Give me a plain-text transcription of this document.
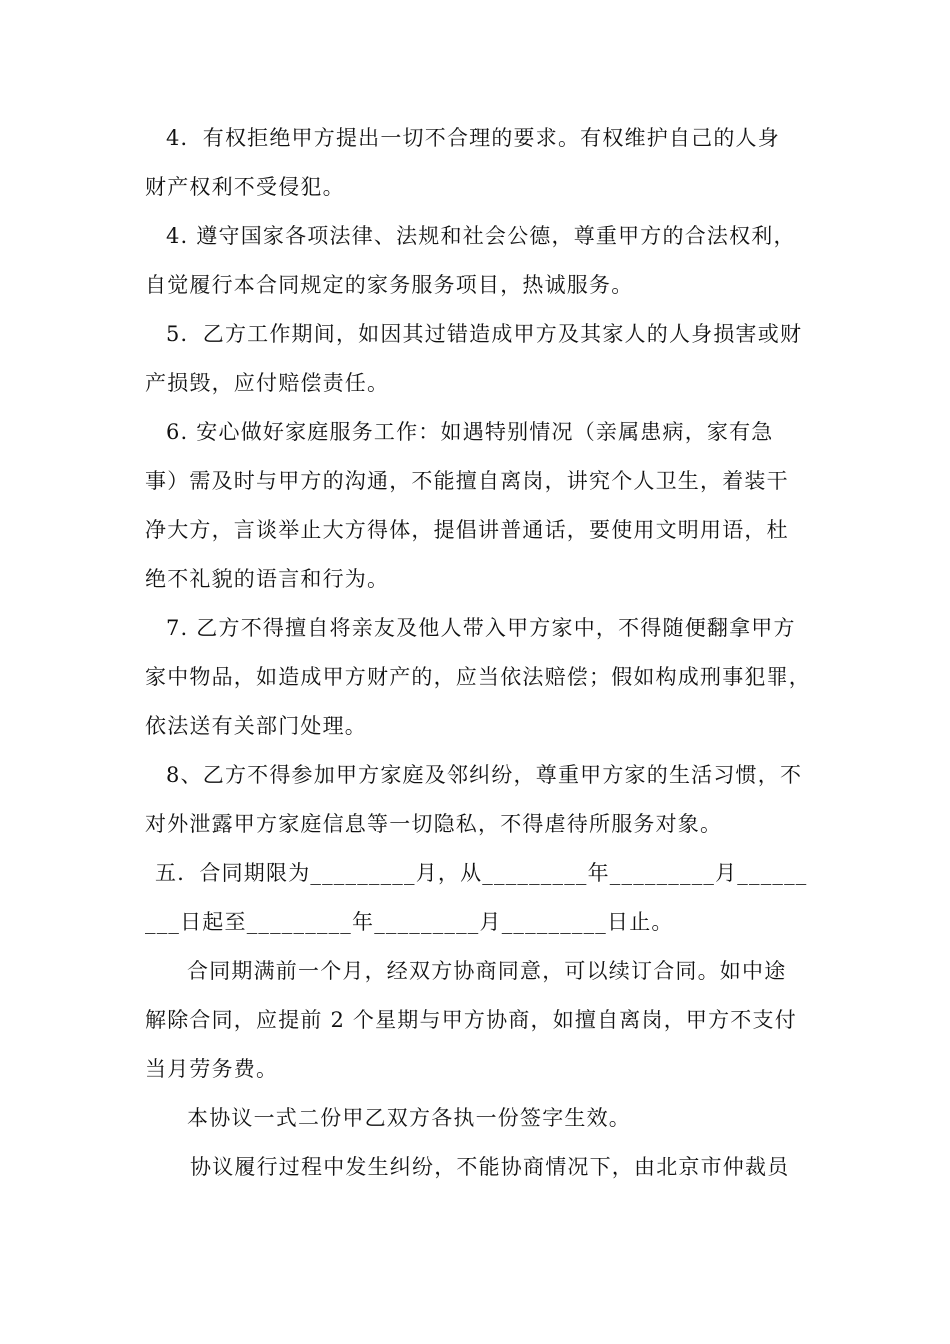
4．有权拒绝甲方提出一切不合理的要求。有权维护自己的人身
财产权利不受侵犯。
4. 遵守国家各项法律、法规和社会公德，尊重甲方的合法权利，
自觉履行本合同规定的家务服务项目，热诚服务。
5．乙方工作期间，如因其过错造成甲方及其家人的人身损害或财
产损毁，应付赔偿责任。
6. 安心做好家庭服务工作：如遇特别情况（亲属患病，家有急
事）需及时与甲方的沟通，不能擅自离岗，讲究个人卫生，着装干
净大方，言谈举止大方得体，提倡讲普通话，要使用文明用语，杜
绝不礼貌的语言和行为。
7. 乙方不得擅自将亲友及他人带入甲方家中，不得随便翻拿甲方
家中物品，如造成甲方财产的，应当依法赔偿；假如构成刑事犯罪，
依法送有关部门处理。
8、乙方不得参加甲方家庭及邻纠纷，尊重甲方家的生活习惯，不
对外泄露甲方家庭信息等一切隐私，不得虐待所服务对象。
五．合同期限为_________月，从_________年_________月______
___日起至_________年_________月_________日止。
合同期满前一个月，经双方协商同意，可以续订合同。如中途
解除合同，应提前 2 个星期与甲方协商，如擅自离岗，甲方不支付
当月劳务费。
本协议一式二份甲乙双方各执一份签字生效。
协议履行过程中发生纠纷，不能协商情况下，由北京市仲裁员
